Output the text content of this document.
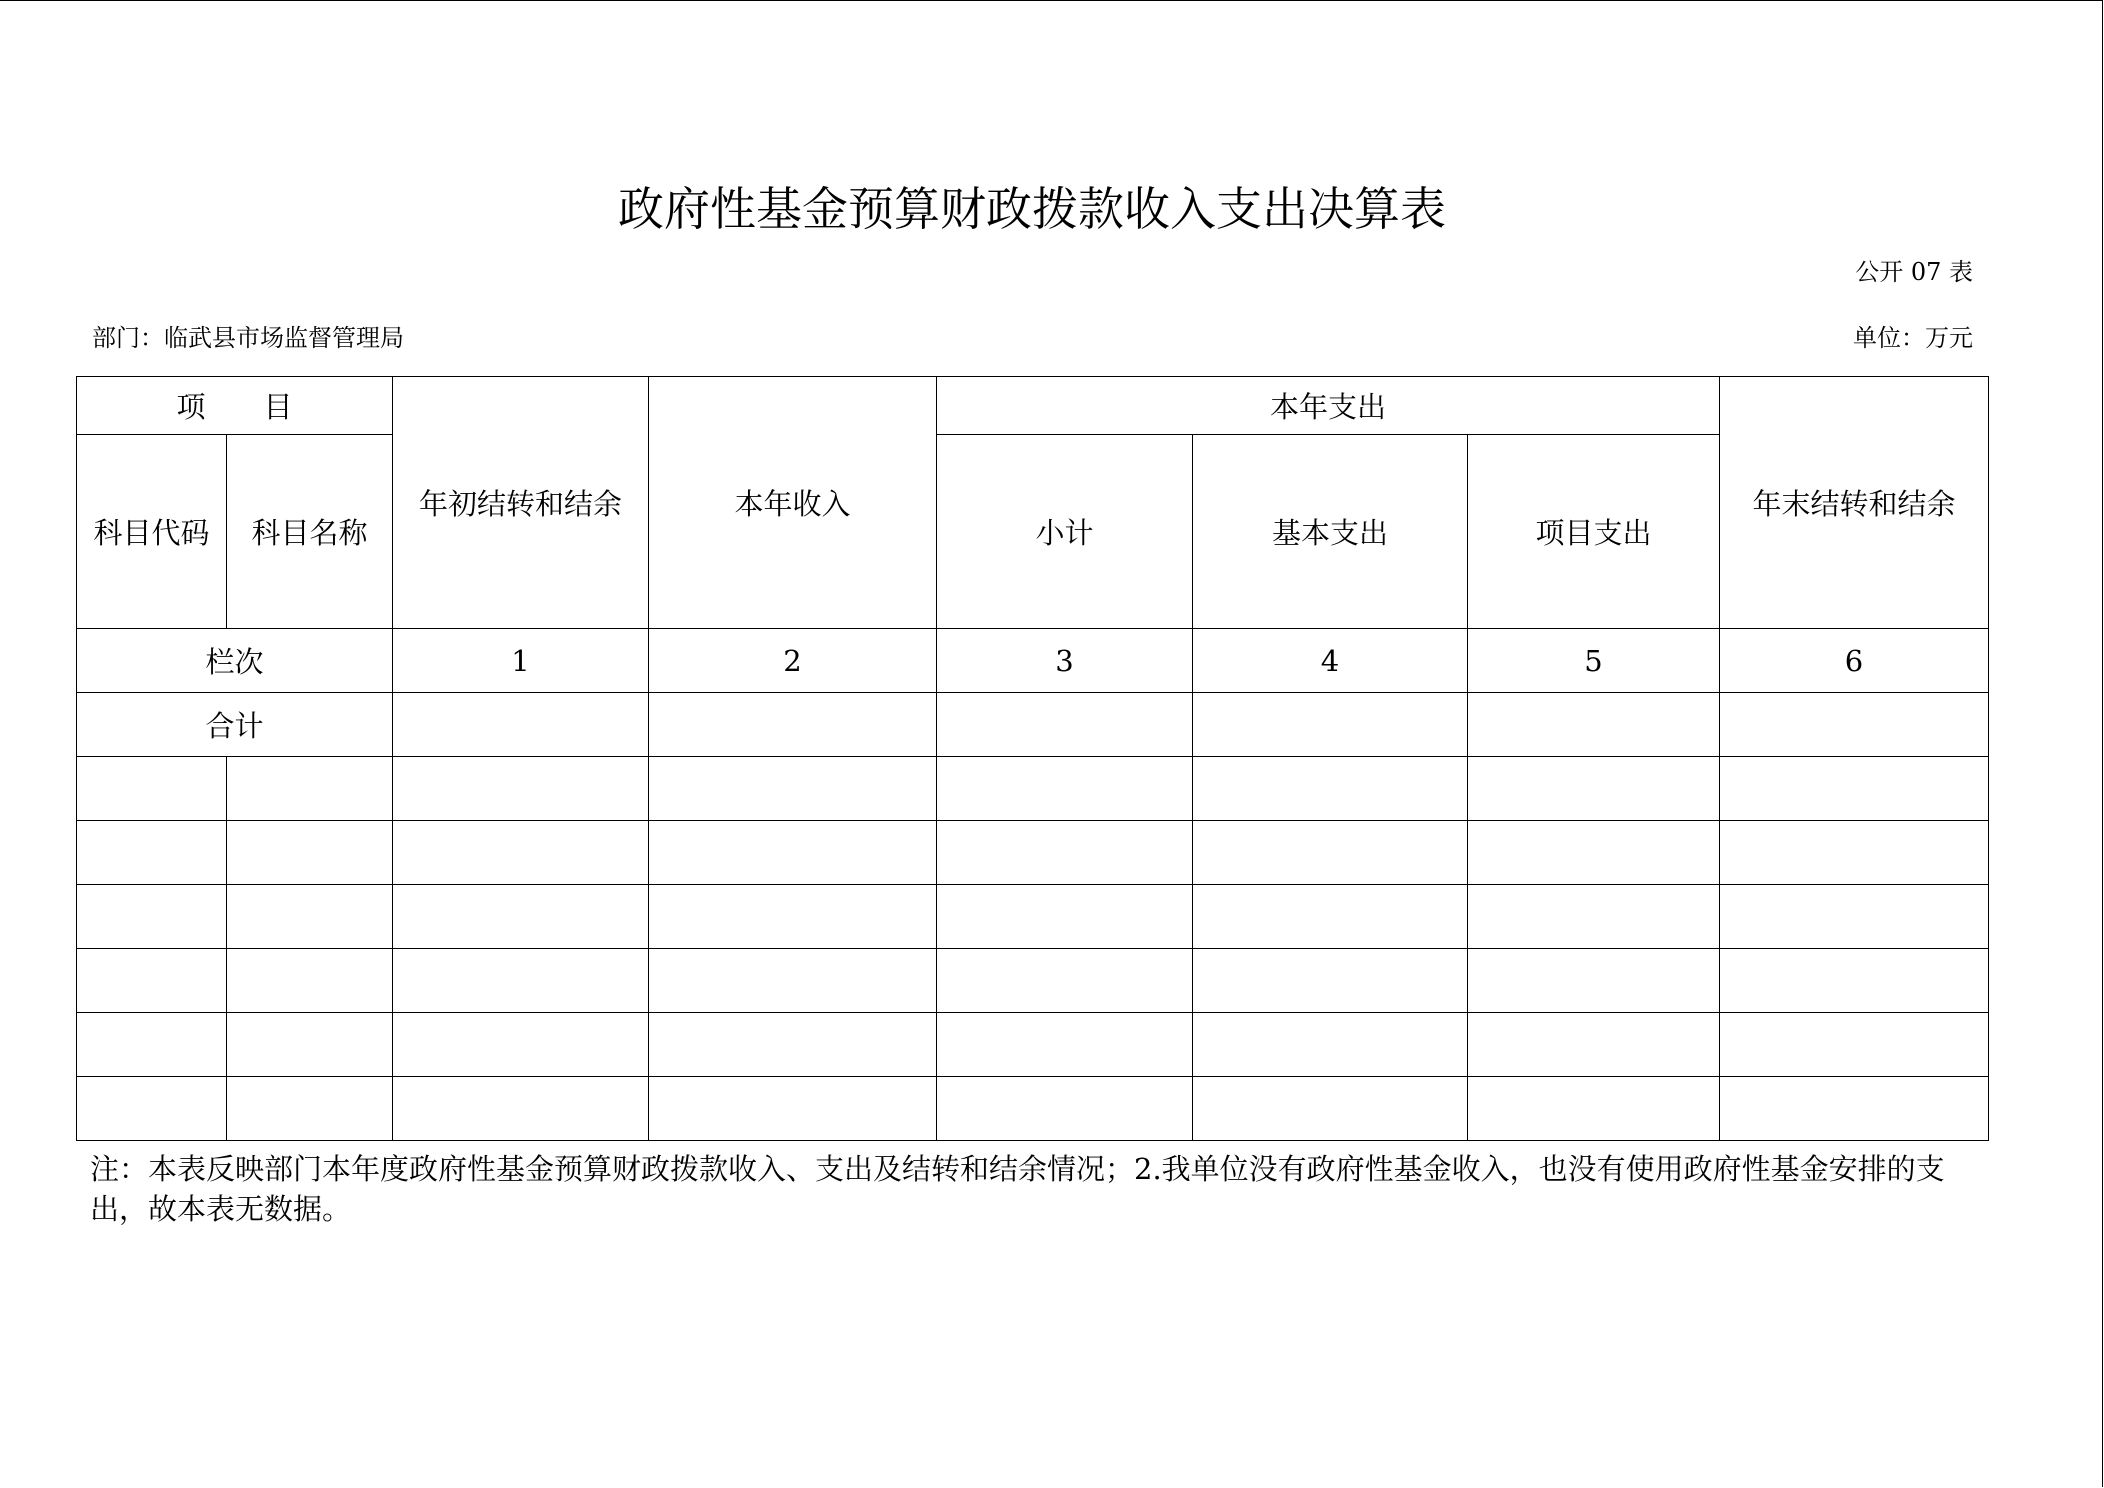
政府性基金预算财政拨款收入支出决算表
公开 07 表
部门：临武县市场监督管理局	单位：万元
项　　目		年初结转和结余	本年收入	本年支出			年末结转和结余
科目代码	科目名称			小计	基本支出	项目支出	
栏次		1	2	3	4	5	6
合计							

注：本表反映部门本年度政府性基金预算财政拨款收入、支出及结转和结余情况；2.我单位没有政府性基金收入，也没有使用政府性基金安排的支出，故本表无数据。
